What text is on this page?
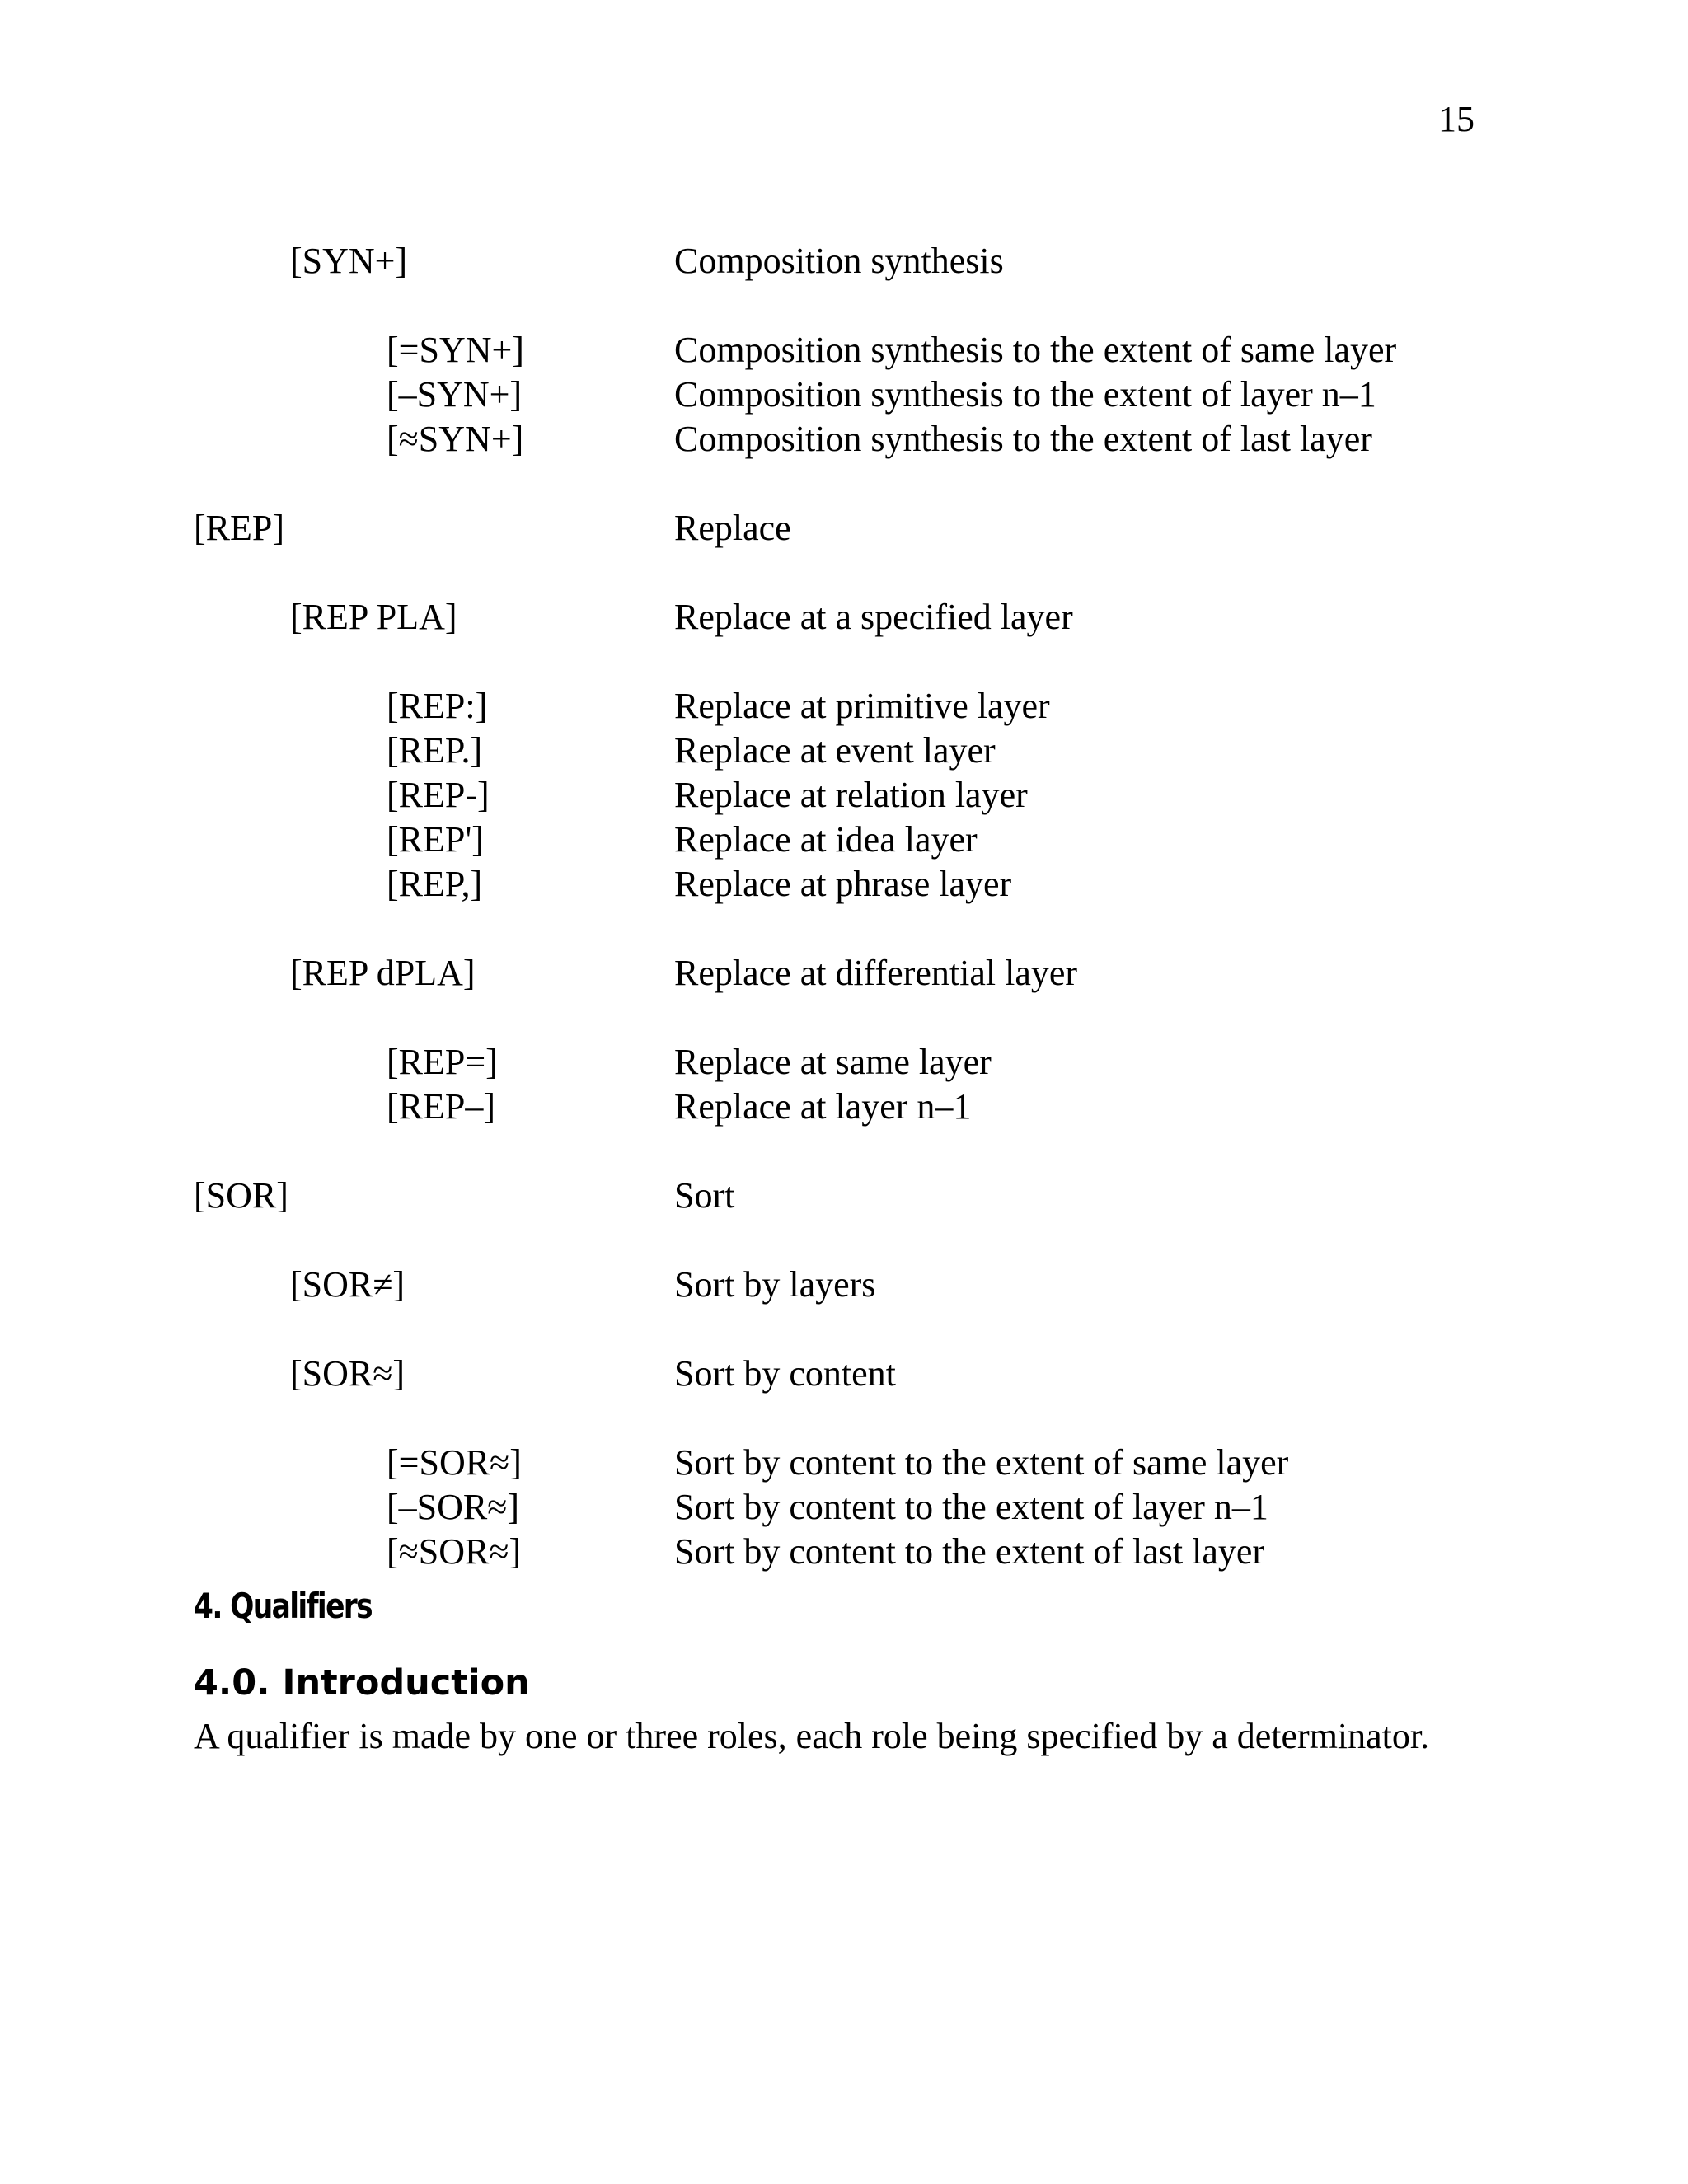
15
[SYN+]	Composition synthesis
[=SYN+]	Composition synthesis to the extent of same layer
[–SYN+]	Composition synthesis to the extent of layer n–1
[≈SYN+]	Composition synthesis to the extent of last layer
[REP]	Replace
[REP PLA]	Replace at a specified layer
[REP:]	Replace at primitive layer
[REP.]	Replace at event layer
[REP-]	Replace at relation layer
[REP']	Replace at idea layer
[REP,]	Replace at phrase layer
[REP dPLA]	Replace at differential layer
[REP=]	Replace at same layer
[REP–]	Replace at layer n–1
[SOR]	Sort
[SOR≠]	Sort by layers
[SOR≈]	Sort by content
[=SOR≈]	Sort by content to the extent of same layer
[–SOR≈]	Sort by content to the extent of layer n–1
[≈SOR≈]	Sort by content to the extent of last layer
4. Qualifiers
4.0. Introduction
A qualifier is made by one or three roles, each role being specified by a determinator.
